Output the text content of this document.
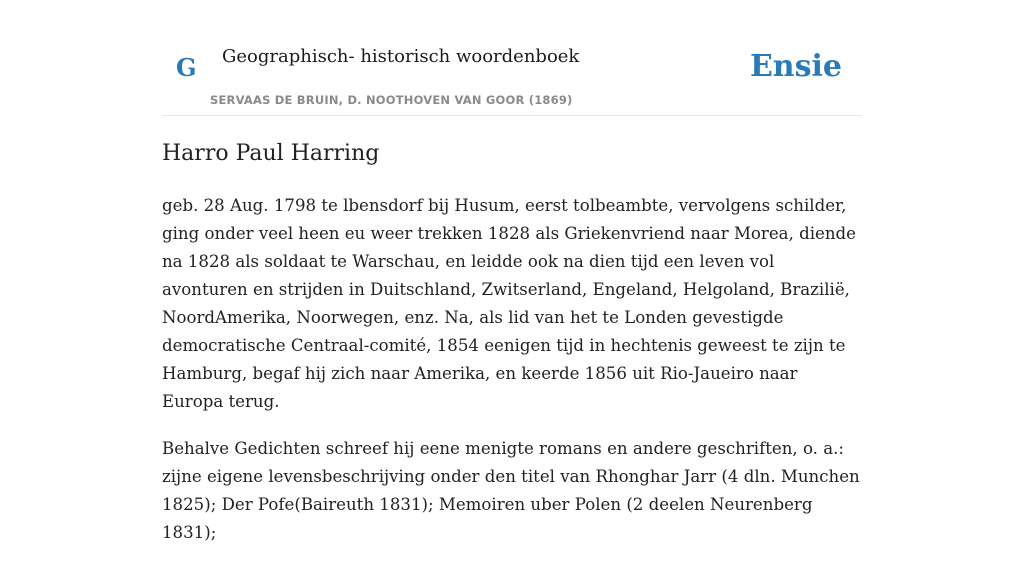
G Geographisch- historisch woordenboek
SERVAAS DE BRUIN, D. NOOTHOVEN VAN GOOR (1869)
Ensie
Harro Paul Harring

geb. 28 Aug. 1798 te lbensdorf bij Husum, eerst tolbeambte, vervolgens schilder, ging onder veel heen eu weer trekken 1828 als Griekenvriend naar Morea, diende na 1828 als soldaat te Warschau, en leidde ook na dien tijd een leven vol avonturen en strijden in Duitschland, Zwitserland, Engeland, Helgoland, Brazilië, NoordAmerika, Noorwegen, enz. Na, als lid van het te Londen gevestigde democratische Centraal-comité, 1854 eenigen tijd in hechtenis geweest te zijn te Hamburg, begaf hij zich naar Amerika, en keerde 1856 uit Rio-Jaueiro naar Europa terug.

Behalve Gedichten schreef hij eene menigte romans en andere geschriften, o. a.: zijne eigene levensbeschrijving onder den titel van Rhonghar Jarr (4 dln. Munchen 1825); Der Pofe(Baireuth 1831); Memoiren uber Polen (2 deelen Neurenberg 1831);
